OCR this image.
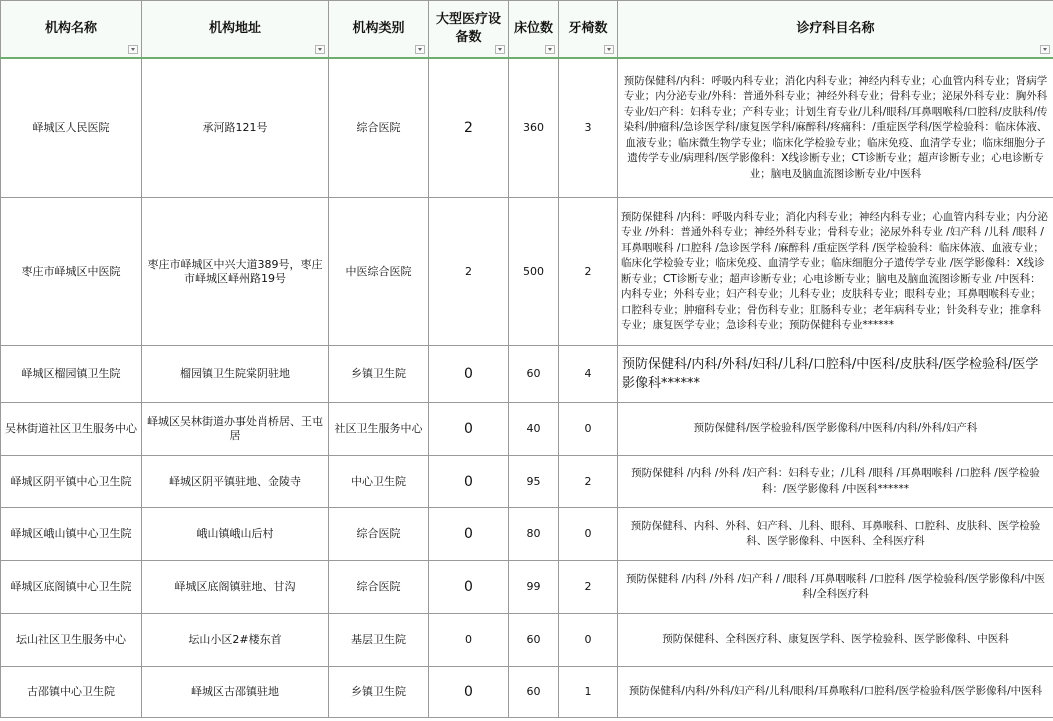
机构名称	机构地址	机构类别	大型医疗设备数	床位数	牙椅数	诊疗科目名称

峄城区人民医院	承河路121号	综合医院	2	360	3	预防保健科/内科：呼吸内科专业；消化内科专业；神经内科专业；心血管内科专业；肾病学专业；内分泌专业/外科：普通外科专业；神经外科专业；骨科专业；泌尿外科专业：胸外科专业/妇产科：妇科专业；产科专业；计划生育专业/儿科/眼科/耳鼻咽喉科/口腔科/皮肤科/传染科/肿瘤科/急诊医学科/康复医学科/麻醉科/疼痛科：/重症医学科/医学检验科：临床体液、血液专业；临床微生物学专业；临床化学检验专业；临床免疫、血清学专业；临床细胞分子遗传学专业/病理科/医学影像科：X线诊断专业；CT诊断专业；超声诊断专业；心电诊断专业；脑电及脑血流图诊断专业/中医科
枣庄市峄城区中医院	枣庄市峄城区中兴大道389号，枣庄市峄城区峄州路19号	中医综合医院	2	500	2	预防保健科 /内科：呼吸内科专业；消化内科专业；神经内科专业；心血管内科专业；内分泌专业 /外科：普通外科专业；神经外科专业；骨科专业；泌尿外科专业 /妇产科 /儿科 /眼科 /耳鼻咽喉科 /口腔科 /急诊医学科 /麻醉科 /重症医学科 /医学检验科：临床体液、血液专业；临床化学检验专业；临床免疫、血清学专业；临床细胞分子遗传学专业 /医学影像科：X线诊断专业；CT诊断专业；超声诊断专业；心电诊断专业；脑电及脑血流图诊断专业 /中医科：内科专业；外科专业；妇产科专业；儿科专业；皮肤科专业；眼科专业；耳鼻咽喉科专业；口腔科专业；肿瘤科专业；骨伤科专业；肛肠科专业；老年病科专业；针灸科专业；推拿科专业；康复医学专业；急诊科专业；预防保健科专业******
峄城区榴园镇卫生院	榴园镇卫生院棠阴驻地	乡镇卫生院	0	60	4	预防保健科/内科/外科/妇科/儿科/口腔科/中医科/皮肤科/医学检验科/医学影像科******
吴林街道社区卫生服务中心	峄城区吴林街道办事处肖桥居、王屯居	社区卫生服务中心	0	40	0	预防保健科/医学检验科/医学影像科/中医科/内科/外科/妇产科
峄城区阴平镇中心卫生院	峄城区阴平镇驻地、金陵寺	中心卫生院	0	95	2	预防保健科 /内科 /外科 /妇产科：妇科专业；/儿科 /眼科 /耳鼻咽喉科 /口腔科 /医学检验科：/医学影像科 /中医科******
峄城区峨山镇中心卫生院	峨山镇峨山后村	综合医院	0	80	0	预防保健科、内科、外科、妇产科、儿科、眼科、耳鼻喉科、口腔科、皮肤科、医学检验科、医学影像科、中医科、全科医疗科
峄城区底阁镇中心卫生院	峄城区底阁镇驻地、甘沟	综合医院	0	99	2	预防保健科 /内科 /外科 /妇产科 / /眼科 /耳鼻咽喉科 /口腔科 /医学检验科/医学影像科/中医科/全科医疗科
坛山社区卫生服务中心	坛山小区2#楼东首	基层卫生院	0	60	0	预防保健科、全科医疗科、康复医学科、医学检验科、医学影像科、中医科
古邵镇中心卫生院	峄城区古邵镇驻地	乡镇卫生院	0	60	1	预防保健科/内科/外科/妇产科/儿科/眼科/耳鼻喉科/口腔科/医学检验科/医学影像科/中医科
